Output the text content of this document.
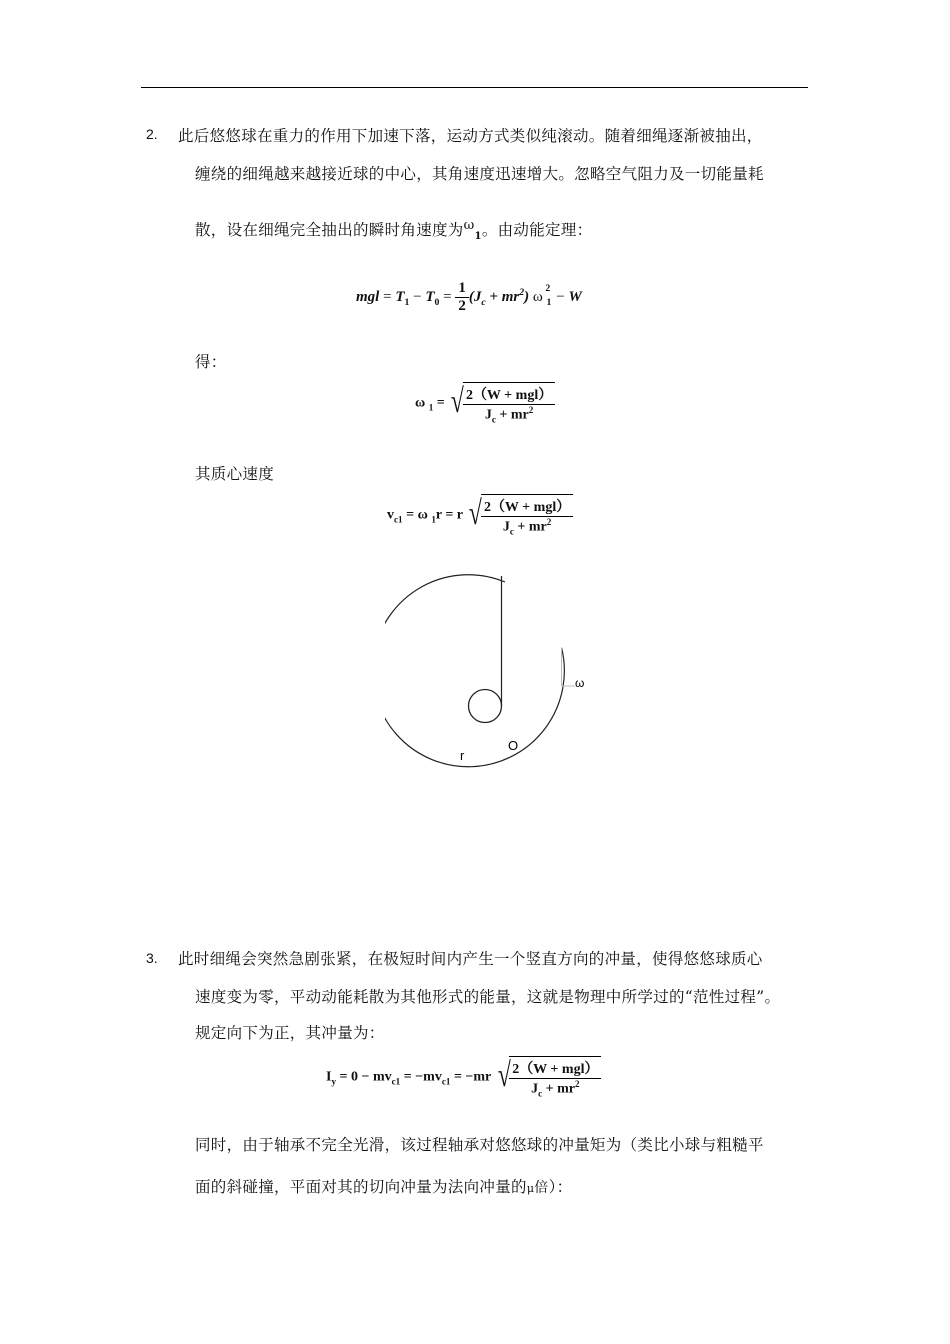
2. 此后悠悠球在重力的作用下加速下落，运动方式类似纯滚动。随着细绳逐渐被抽出，
缠绕的细绳越来越接近球的中心，其角速度迅速增大。忽略空气阻力及一切能量耗
散，设在细绳完全抽出的瞬时角速度为$^\omega_1$。由动能定理：
mgl = $T_1 - T_0 = \frac{1}{2} (J_c + mr^2)$ ω $_1^2$− W
得：
ω $_1$ = √
$\frac{\text{2（W + mgl）}}{J_c + mr^2}$
其质心速度
$v_{c1} = \omega$ $_1$r = r √
$\frac{\text{2（W + mgl）}}{J_c + mr^2}$
ω
r
O
3. 此时细绳会突然急剧张紧，在极短时间内产生一个竖直方向的冲量，使得悠悠球质心
速度变为零，平动动能耗散为其他形式的能量，这就是物理中所学过的“范性过程”。
规定向下为正，其冲量为：
$I_y = 0 - mv_{c1} = -mv_{c1} = -mr$ √
$\frac{\text{2（W + mgl）}}{J_c + mr^2}$
同时，由于轴承不完全光滑，该过程轴承对悠悠球的冲量矩为（类比小球与粗糙平
面的斜碰撞，平面对其的切向冲量为法向冲量的μ倍）：
